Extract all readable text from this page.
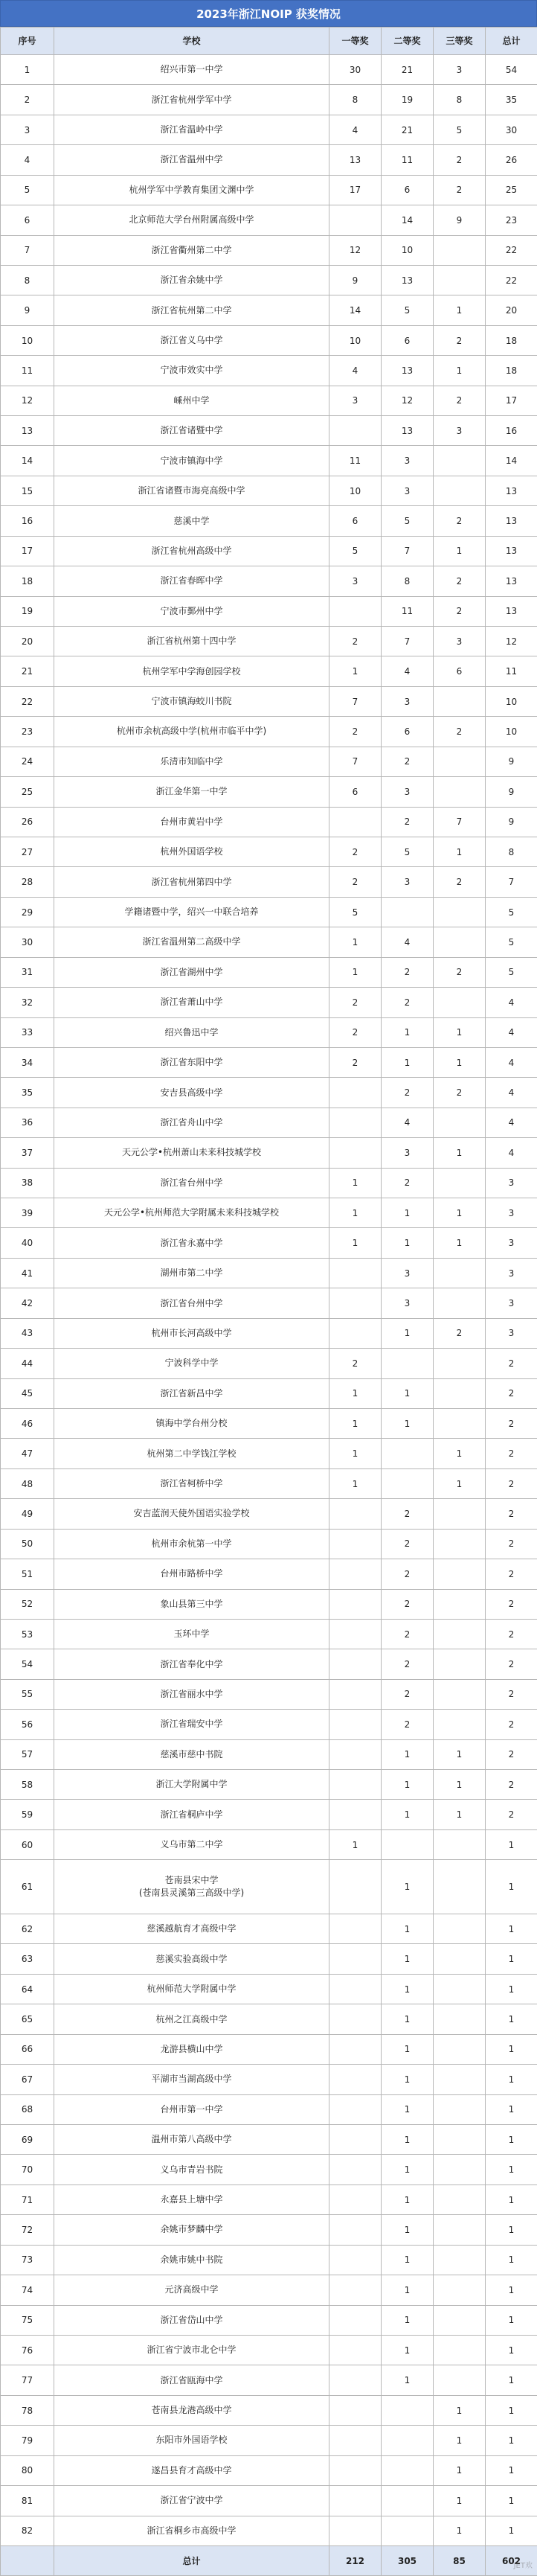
2023年浙江NOIP 获奖情况
序号	学校	一等奖	二等奖	三等奖	总计
1	绍兴市第一中学	30	21	3	54
2	浙江省杭州学军中学	8	19	8	35
3	浙江省温岭中学	4	21	5	30
4	浙江省温州中学	13	11	2	26
5	杭州学军中学教育集团文渊中学	17	6	2	25
6	北京师范大学台州附属高级中学		14	9	23
7	浙江省衢州第二中学	12	10		22
8	浙江省余姚中学	9	13		22
9	浙江省杭州第二中学	14	5	1	20
10	浙江省义乌中学	10	6	2	18
11	宁波市效实中学	4	13	1	18
12	嵊州中学	3	12	2	17
13	浙江省诸暨中学		13	3	16
14	宁波市镇海中学	11	3		14
15	浙江省诸暨市海亮高级中学	10	3		13
16	慈溪中学	6	5	2	13
17	浙江省杭州高级中学	5	7	1	13
18	浙江省春晖中学	3	8	2	13
19	宁波市鄞州中学		11	2	13
20	浙江省杭州第十四中学	2	7	3	12
21	杭州学军中学海创园学校	1	4	6	11
22	宁波市镇海蛟川书院	7	3		10
23	杭州市余杭高级中学(杭州市临平中学)	2	6	2	10
24	乐清市知临中学	7	2		9
25	浙江金华第一中学	6	3		9
26	台州市黄岩中学		2	7	9
27	杭州外国语学校	2	5	1	8
28	浙江省杭州第四中学	2	3	2	7
29	学籍诸暨中学，绍兴一中联合培养	5			5
30	浙江省温州第二高级中学	1	4		5
31	浙江省湖州中学	1	2	2	5
32	浙江省萧山中学	2	2		4
33	绍兴鲁迅中学	2	1	1	4
34	浙江省东阳中学	2	1	1	4
35	安吉县高级中学		2	2	4
36	浙江省舟山中学		4		4
37	天元公学•杭州萧山未来科技城学校		3	1	4
38	浙江省台州中学	1	2		3
39	天元公学•杭州师范大学附属未来科技城学校	1	1	1	3
40	浙江省永嘉中学	1	1	1	3
41	湖州市第二中学		3		3
42	浙江省台州中学		3		3
43	杭州市长河高级中学		1	2	3
44	宁波科学中学	2			2
45	浙江省新昌中学	1	1		2
46	镇海中学台州分校	1	1		2
47	杭州第二中学钱江学校	1		1	2
48	浙江省柯桥中学	1		1	2
49	安吉蓝润天使外国语实验学校		2		2
50	杭州市余杭第一中学		2		2
51	台州市路桥中学		2		2
52	象山县第三中学		2		2
53	玉环中学		2		2
54	浙江省奉化中学		2		2
55	浙江省丽水中学		2		2
56	浙江省瑞安中学		2		2
57	慈溪市慈中书院		1	1	2
58	浙江大学附属中学		1	1	2
59	浙江省桐庐中学		1	1	2
60	义乌市第二中学	1			1
61	苍南县宋中学
(苍南县灵溪第三高级中学)		1		1
62	慈溪越航育才高级中学		1		1
63	慈溪实验高级中学		1		1
64	杭州师范大学附属中学		1		1
65	杭州之江高级中学		1		1
66	龙游县横山中学		1		1
67	平湖市当湖高级中学		1		1
68	台州市第一中学		1		1
69	温州市第八高级中学		1		1
70	义乌市青岩书院		1		1
71	永嘉县上塘中学		1		1
72	余姚市梦麟中学		1		1
73	余姚市姚中书院		1		1
74	元济高级中学		1		1
75	浙江省岱山中学		1		1
76	浙江省宁波市北仑中学		1		1
77	浙江省瓯海中学		1		1
78	苍南县龙港高级中学			1	1
79	东阳市外国语学校			1	1
80	遂昌县育才高级中学			1	1
81	浙江省宁波中学			1	1
82	浙江省桐乡市高级中学			1	1
	总计	212	305	85	602
JET欢
